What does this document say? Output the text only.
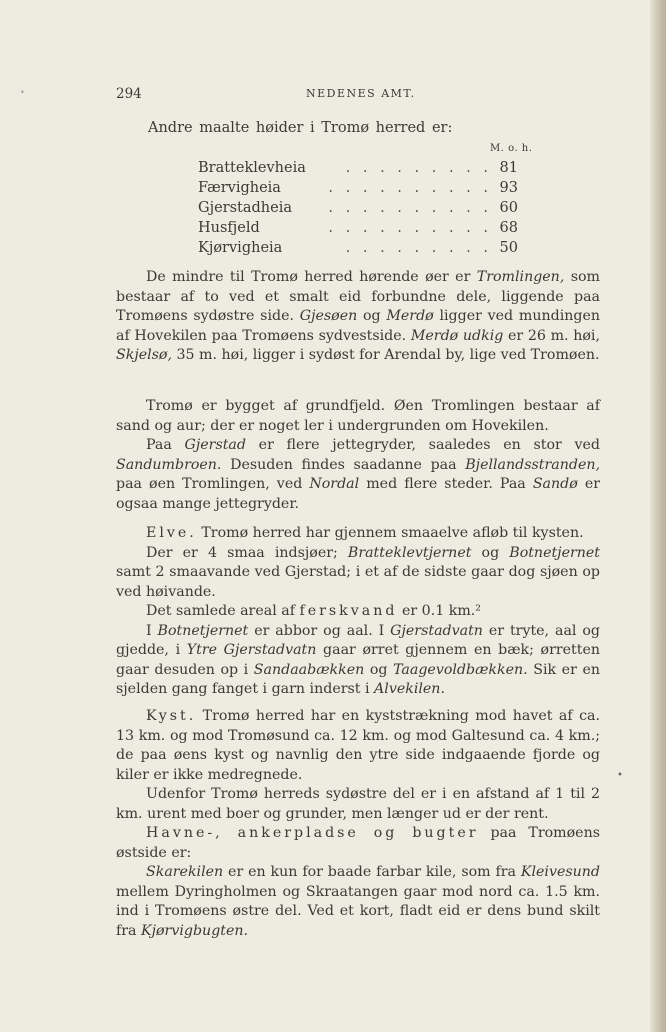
294	NEDENES AMT.
Andre maalte høider i Tromø herred er:
M. o. h.
Bratteklevheia	. . . . . . . . . 81
Færvigheia	. . . . . . . . . . 93
Gjerstadheia	. . . . . . . . . . 60
Husfjeld	. . . . . . . . . . 68
Kjørvigheia	. . . . . . . . . 50

De mindre til Tromø herred hørende øer er Tromlingen, som bestaar af to ved et smalt eid forbundne dele, liggende paa Tromøens sydøstre side. Gjesøen og Merdø ligger ved mundingen af Hovekilen paa Tromøens sydvestside. Merdø udkig er 26 m. høi, Skjelsø, 35 m. høi, ligger i sydøst for Arendal by, lige ved Tromøen.

Tromø er bygget af grundfjeld. Øen Tromlingen bestaar af sand og aur; der er noget ler i undergrunden om Hovekilen.

Paa Gjerstad er flere jettegryder, saaledes en stor ved Sandumbroen. Desuden findes saadanne paa Bjellandsstranden, paa øen Tromlingen, ved Nordal med flere steder. Paa Sandø er ogsaa mange jettegryder.

Elve. Tromø herred har gjennem smaaelve afløb til kysten.

Der er 4 smaa indsjøer; Bratteklevtjernet og Botnetjernet samt 2 smaavande ved Gjerstad; i et af de sidste gaar dog sjøen op ved høivande.

Det samlede areal af ferskvand er 0.1 km.²

I Botnetjernet er abbor og aal. I Gjerstadvatn er tryte, aal og gjedde, i Ytre Gjerstadvatn gaar ørret gjennem en bæk; ørretten gaar desuden op i Sandaabækken og Taagevoldbækken. Sik er en sjelden gang fanget i garn inderst i Alvekilen.

Kyst. Tromø herred har en kyststrækning mod havet af ca. 13 km. og mod Tromøsund ca. 12 km. og mod Galtesund ca. 4 km.; de paa øens kyst og navnlig den ytre side indgaaende fjorde og kiler er ikke medregnede.

Udenfor Tromø herreds sydøstre del er i en afstand af 1 til 2 km. urent med boer og grunder, men længer ud er der rent.

Havne-, ankerpladse og bugter paa Tromøens østside er:

Skarekilen er en kun for baade farbar kile, som fra Kleivesund mellem Dyringholmen og Skraatangen gaar mod nord ca. 1.5 km. ind i Tromøens østre del. Ved et kort, fladt eid er dens bund skilt fra Kjørvigbugten.

•
•
